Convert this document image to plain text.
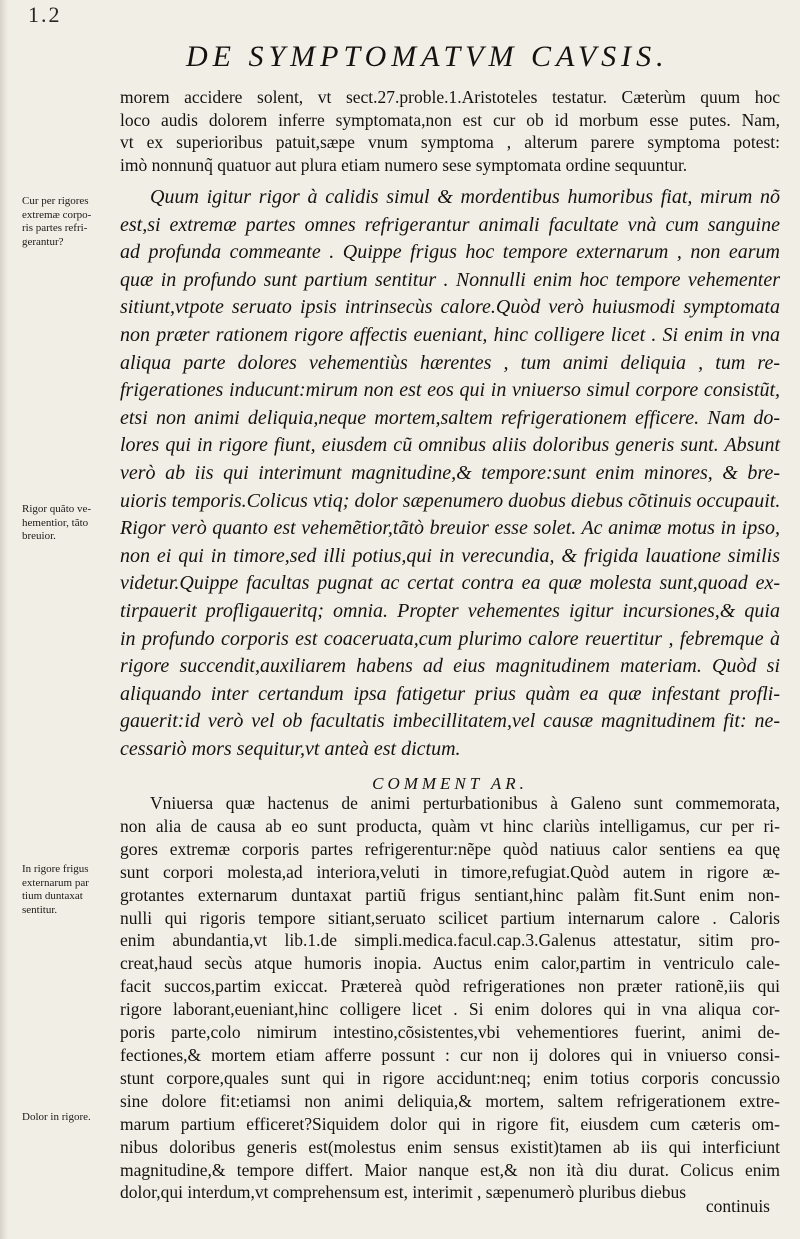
1.2
DE SYMPTOMATVM CAVSIS.
morem accidere solent, vt sect.27.proble.1.Aristoteles testatur. Cæterùm quum hoc
loco audis dolorem inferre symptomata,non est cur ob id morbum esse putes. Nam,
vt ex superioribus patuit,sæpe vnum symptoma , alterum parere symptoma potest:
imò nonnunq̃ quatuor aut plura etiam numero sese symptomata ordine sequuntur.
Quum igitur rigor à calidis simul & mordentibus humoribus fiat, mirum nõ
est,si extremæ partes omnes refrigerantur animali facultate vnà cum sanguine
ad profunda commeante . Quippe frigus hoc tempore externarum , non earum
quæ in profundo sunt partium sentitur . Nonnulli enim hoc tempore vehementer
sitiunt,vtpote seruato ipsis intrinsecùs calore.Quòd verò huiusmodi symptomata
non præter rationem rigore affectis eueniant, hinc colligere licet . Si enim in vna
aliqua parte dolores vehementiùs hærentes , tum animi deliquia , tum re-
frigerationes inducunt:mirum non est eos qui in vniuerso simul corpore consistũt,
etsi non animi deliquia,neque mortem,saltem refrigerationem efficere. Nam do-
lores qui in rigore fiunt, eiusdem cũ omnibus aliis doloribus generis sunt. Absunt
verò ab iis qui interimunt magnitudine,& tempore:sunt enim minores, & bre-
uioris temporis.Colicus vtiq; dolor sæpenumero duobus diebus cõtinuis occupauit.
Rigor verò quanto est vehemẽtior,tãtò breuior esse solet. Ac animæ motus in ipso,
non ei qui in timore,sed illi potius,qui in verecundia, & frigida lauatione similis
videtur.Quippe facultas pugnat ac certat contra ea quæ molesta sunt,quoad ex-
tirpauerit profligaueritq; omnia. Propter vehementes igitur incursiones,& quia
in profundo corporis est coaceruata,cum plurimo calore reuertitur , febremque à
rigore succendit,auxiliarem habens ad eius magnitudinem materiam. Quòd si
aliquando inter certandum ipsa fatigetur prius quàm ea quæ infestant profli-
gauerit:id verò vel ob facultatis imbecillitatem,vel causæ magnitudinem fit: ne-
cessariò mors sequitur,vt anteà est dictum.
COMMENT AR.
Vniuersa quæ hactenus de animi perturbationibus à Galeno sunt commemorata,
non alia de causa ab eo sunt producta, quàm vt hinc clariùs intelligamus, cur per ri-
gores extremæ corporis partes refrigerentur:nẽpe quòd natiuus calor sentiens ea quę
sunt corpori molesta,ad interiora,veluti in timore,refugiat.Quòd autem in rigore æ-
grotantes externarum duntaxat partiũ frigus sentiant,hinc palàm fit.Sunt enim non-
nulli qui rigoris tempore sitiant,seruato scilicet partium internarum calore . Caloris
enim abundantia,vt lib.1.de simpli.medica.facul.cap.3.Galenus attestatur, sitim pro-
creat,haud secùs atque humoris inopia. Auctus enim calor,partim in ventriculo cale-
facit succos,partim exiccat. Prætereà quòd refrigerationes non præter rationẽ,iis qui
rigore laborant,eueniant,hinc colligere licet . Si enim dolores qui in vna aliqua cor-
poris parte,colo nimirum intestino,cõsistentes,vbi vehementiores fuerint, animi de-
fectiones,& mortem etiam afferre possunt : cur non ij dolores qui in vniuerso consi-
stunt corpore,quales sunt qui in rigore accidunt:neq; enim totius corporis concussio
sine dolore fit:etiamsi non animi deliquia,& mortem, saltem refrigerationem extre-
marum partium efficeret?Siquidem dolor qui in rigore fit, eiusdem cum cæteris om-
nibus doloribus generis est(molestus enim sensus existit)tamen ab iis qui interficiunt
magnitudine,& tempore differt. Maior nanque est,& non ità diu durat. Colicus enim
dolor,qui interdum,vt comprehensum est, interimit , sæpenumerò pluribus diebus
continuis
Cur per rigores
extremæ corpo-
ris partes refri-
gerantur?
Rigor quãto ve-
hementior, tãto
breuior.
In rigore frigus
externarum par
tium duntaxat
sentitur.
Dolor in rigore.
